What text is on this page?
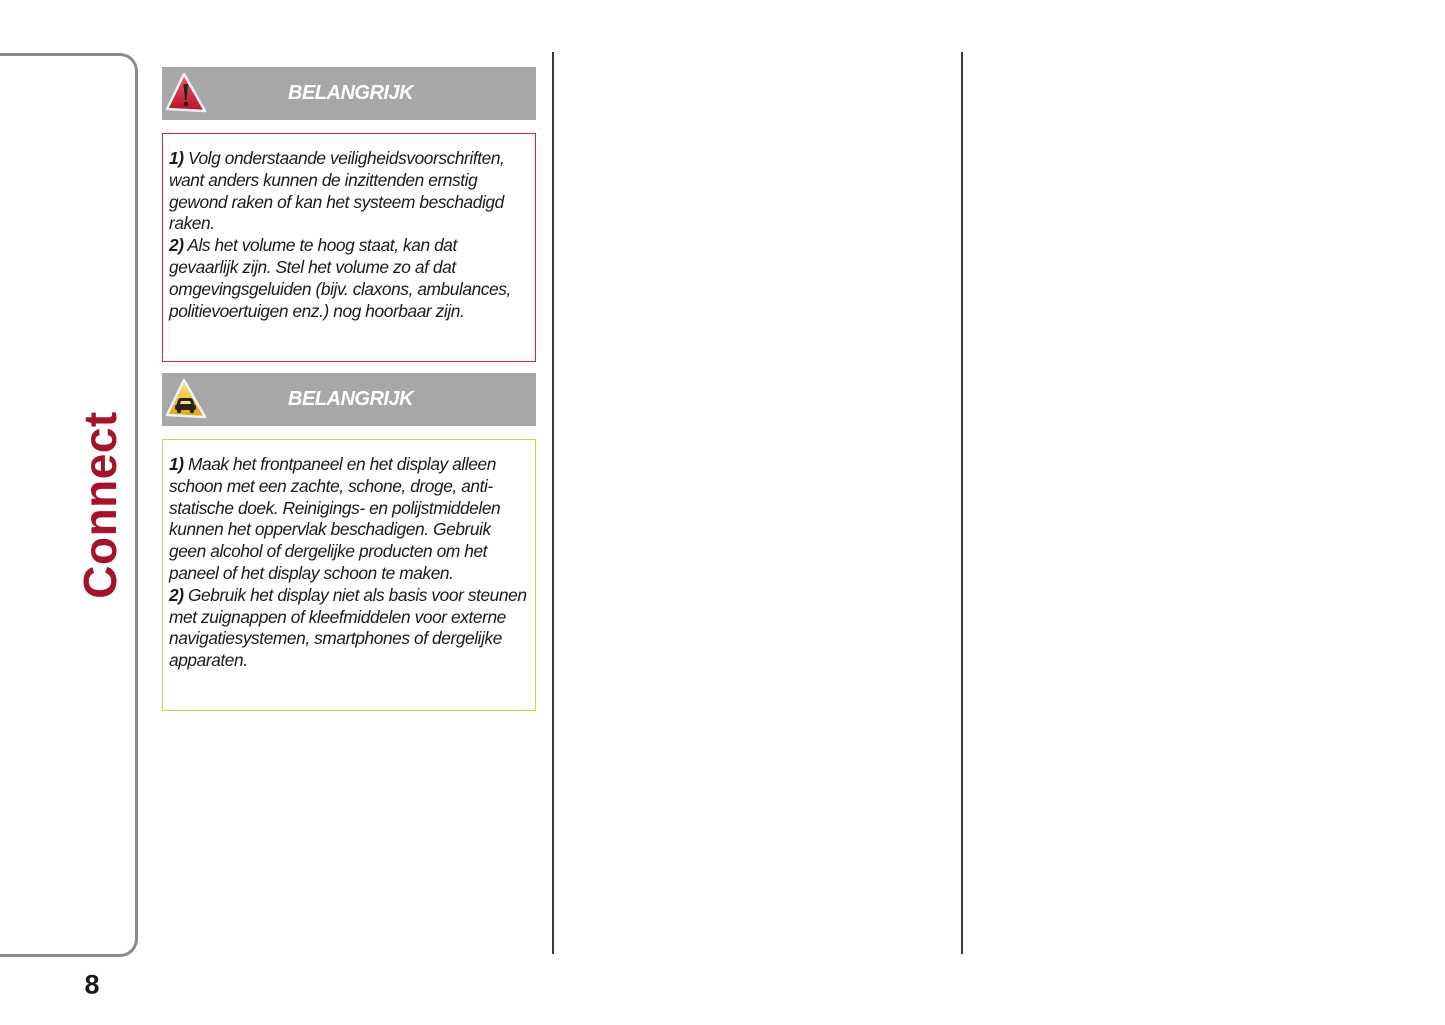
Connect
8
BELANGRIJK

1) Volg onderstaande veiligheidsvoorschriften, want anders kunnen de inzittenden ernstig gewond raken of kan het systeem beschadigd raken.

2) Als het volume te hoog staat, kan dat gevaarlijk zijn. Stel het volume zo af dat omgevingsgeluiden (bijv. claxons, ambulances, politievoertuigen enz.) nog hoorbaar zijn.

BELANGRIJK

1) Maak het frontpaneel en het display alleen schoon met een zachte, schone, droge, anti-statische doek. Reinigings- en polijstmiddelen kunnen het oppervlak beschadigen. Gebruik geen alcohol of dergelijke producten om het paneel of het display schoon te maken.

2) Gebruik het display niet als basis voor steunen met zuignappen of kleefmiddelen voor externe navigatiesystemen, smartphones of dergelijke apparaten.
